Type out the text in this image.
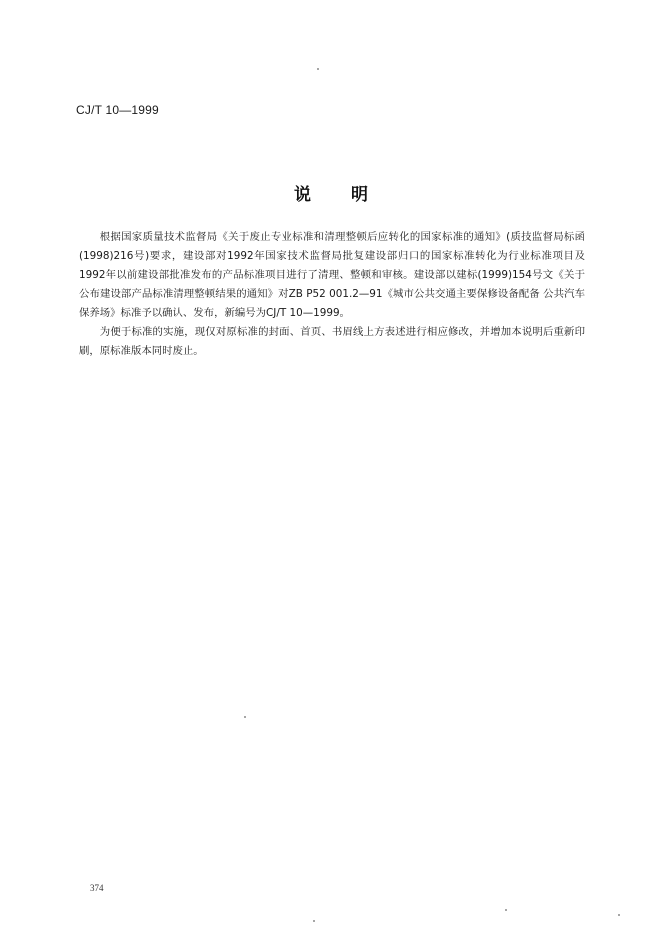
CJ/T 10—1999
说明

根据国家质量技术监督局《关于废止专业标准和清理整顿后应转化的国家标准的通知》(质技监督局标函(1998)216号)要求，建设部对1992年国家技术监督局批复建设部归口的国家标准转化为行业标准项目及1992年以前建设部批准发布的产品标准项目进行了清理、整顿和审核。建设部以建标(1999)154号文《关于公布建设部产品标准清理整顿结果的通知》对ZB P52 001.2—91《城市公共交通主要保修设备配备 公共汽车保养场》标准予以确认、发布，新编号为CJ/T 10—1999。

为便于标准的实施，现仅对原标准的封面、首页、书眉线上方表述进行相应修改，并增加本说明后重新印刷，原标准版本同时废止。

374
